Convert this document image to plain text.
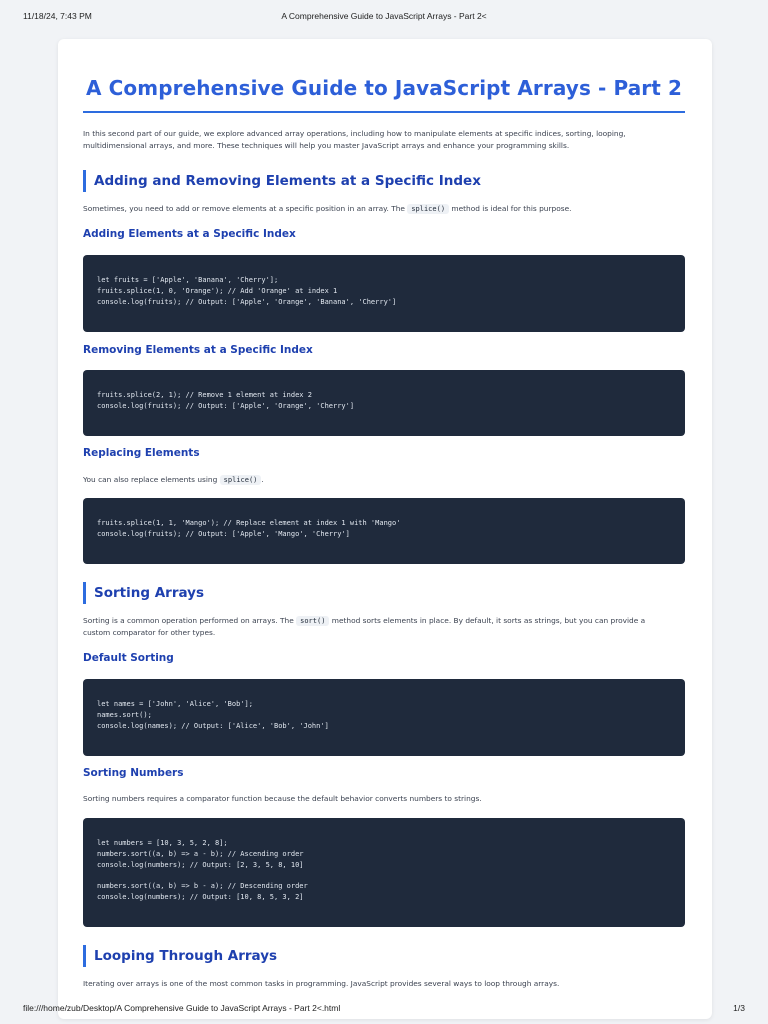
11/18/24, 7:43 PM	A Comprehensive Guide to JavaScript Arrays - Part 2<
A Comprehensive Guide to JavaScript Arrays - Part 2
In this second part of our guide, we explore advanced array operations, including how to manipulate elements at specific indices, sorting, looping,
multidimensional arrays, and more. These techniques will help you master JavaScript arrays and enhance your programming skills.
Adding and Removing Elements at a Specific Index
Sometimes, you need to add or remove elements at a specific position in an array. The splice() method is ideal for this purpose.
Adding Elements at a Specific Index
let fruits = ['Apple', 'Banana', 'Cherry'];
fruits.splice(1, 0, 'Orange'); // Add 'Orange' at index 1
console.log(fruits); // Output: ['Apple', 'Orange', 'Banana', 'Cherry']
Removing Elements at a Specific Index
fruits.splice(2, 1); // Remove 1 element at index 2
console.log(fruits); // Output: ['Apple', 'Orange', 'Cherry']
Replacing Elements
You can also replace elements using splice() .
fruits.splice(1, 1, 'Mango'); // Replace element at index 1 with 'Mango'
console.log(fruits); // Output: ['Apple', 'Mango', 'Cherry']
Sorting Arrays
Sorting is a common operation performed on arrays. The sort() method sorts elements in place. By default, it sorts as strings, but you can provide a
custom comparator for other types.
Default Sorting
let names = ['John', 'Alice', 'Bob'];
names.sort();
console.log(names); // Output: ['Alice', 'Bob', 'John']
Sorting Numbers
Sorting numbers requires a comparator function because the default behavior converts numbers to strings.
let numbers = [10, 3, 5, 2, 8];
numbers.sort((a, b) => a - b); // Ascending order
console.log(numbers); // Output: [2, 3, 5, 8, 10]
numbers.sort((a, b) => b - a); // Descending order
console.log(numbers); // Output: [10, 8, 5, 3, 2]
Looping Through Arrays
Iterating over arrays is one of the most common tasks in programming. JavaScript provides several ways to loop through arrays.
file:///home/zub/Desktop/A Comprehensive Guide to JavaScript Arrays - Part 2<.html	1/3
